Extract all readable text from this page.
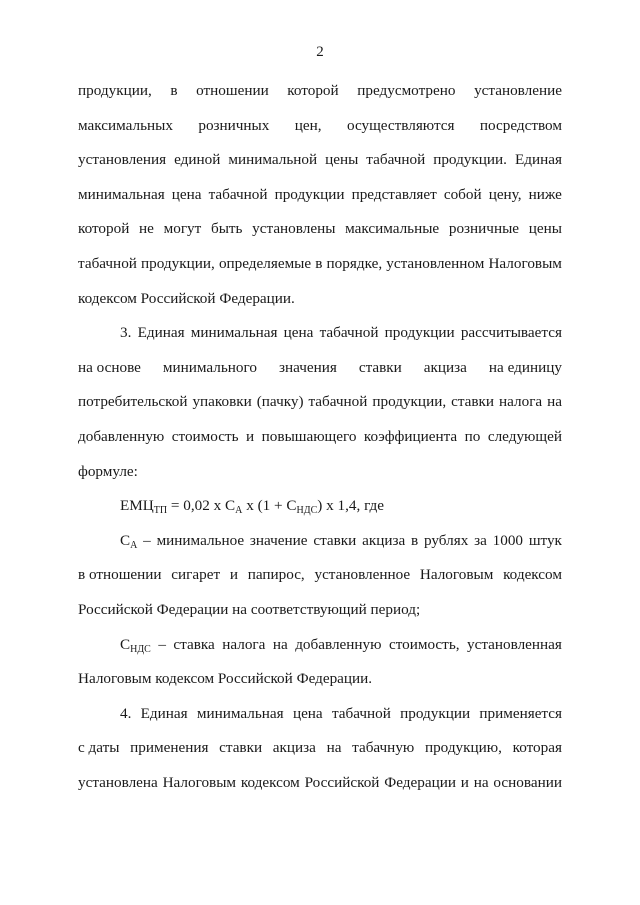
2
продукции, в отношении которой предусмотрено установление
максимальных розничных цен, осуществляются посредством
установления единой минимальной цены табачной продукции. Единая
минимальная цена табачной продукции представляет собой цену, ниже
которой не могут быть установлены максимальные розничные цены
табачной продукции, определяемые в порядке, установленном Налоговым
кодексом Российской Федерации.
3. Единая минимальная цена табачной продукции рассчитывается
на основе минимального значения ставки акциза на единицу
потребительской упаковки (пачку) табачной продукции, ставки налога на
добавленную стоимость и повышающего коэффициента по следующей
формуле:
$ЕМЦ_{ТП} = 0,02$ x $С_А$ x $(1 + С_{НДС})$ x 1,4, где
СА – минимальное значение ставки акциза в рублях за 1000 штук
в отношении сигарет и папирос, установленное Налоговым кодексом
Российской Федерации на соответствующий период;
СНДС – ставка налога на добавленную стоимость, установленная
Налоговым кодексом Российской Федерации.
4. Единая минимальная цена табачной продукции применяется
с даты применения ставки акциза на табачную продукцию, которая
установлена Налоговым кодексом Российской Федерации и на основании
